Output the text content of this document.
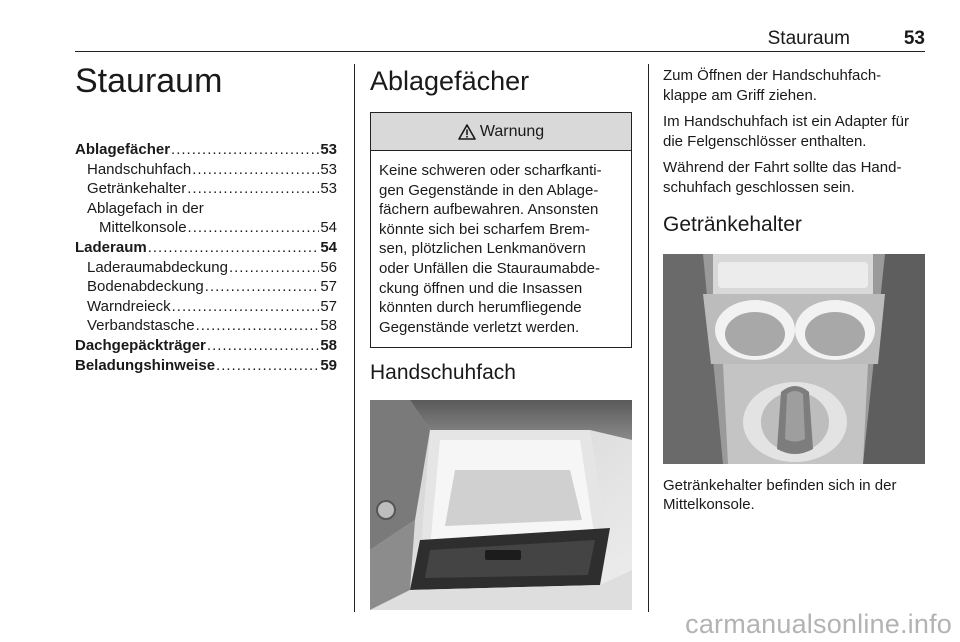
Stauraum	53
Stauraum
Ablagefächer .....	53
Handschuhfach .....	53
Getränkehalter .....	53
Ablagefach in der
Mittelkonsole .....	54
Laderaum .....	54
Laderaumabdeckung .....	56
Bodenabdeckung .....	57
Warndreieck .....	57
Verbandstasche .....	58
Dachgepäckträger .....	58
Beladungshinweise .....	59
Ablagefächer
Warnung
Keine schweren oder scharfkanti-
gen Gegenstände in den Ablage-
fächern aufbewahren. Ansonsten
könnte sich bei scharfem Brem-
sen, plötzlichen Lenkmanövern
oder Unfällen die Stauraumabde-
ckung öffnen und die Insassen
könnten durch herumfliegende
Gegenstände verletzt werden.
Handschuhfach
Zum Öffnen der Handschuhfach-
klappe am Griff ziehen.
Im Handschuhfach ist ein Adapter für
die Felgenschlösser enthalten.
Während der Fahrt sollte das Hand-
schuhfach geschlossen sein.
Getränkehalter
Getränkehalter befinden sich in der
Mittelkonsole.
carmanualsonline.info
